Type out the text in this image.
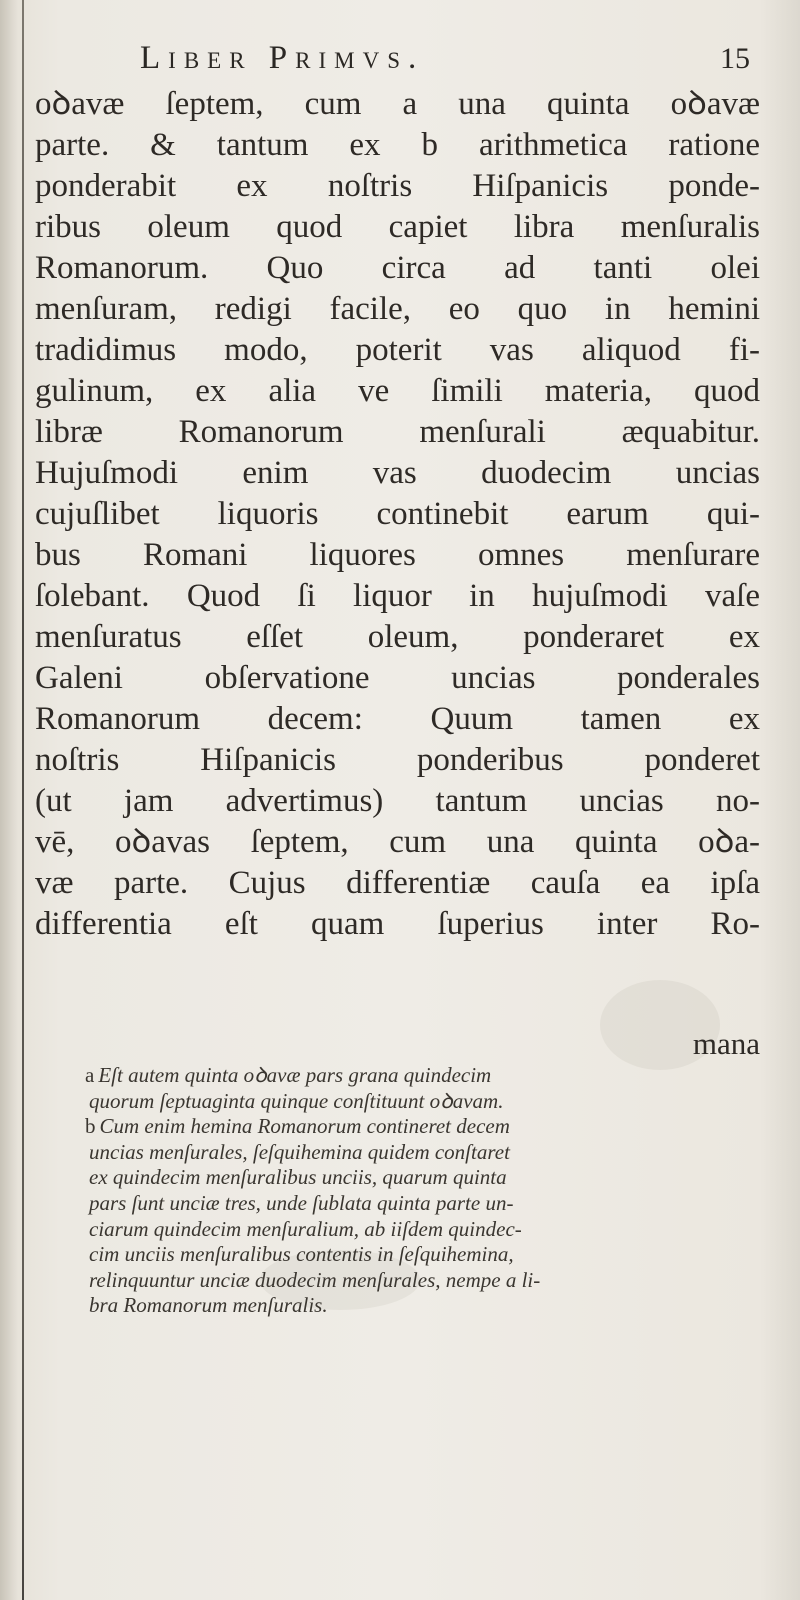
Liber Primvs.	15
oꝺavæ ſeptem, cum a una quinta oꝺavæ
parte. & tantum ex b arithmetica ratione
ponderabit ex noſtris Hiſpanicis ponde-
ribus oleum quod capiet libra menſuralis
Romanorum. Quo circa ad tanti olei
menſuram, redigi facile, eo quo in hemini
tradidimus modo, poterit vas aliquod fi-
gulinum, ex alia ve ſimili materia, quod
libræ Romanorum menſurali æquabitur.
Hujuſmodi enim vas duodecim uncias
cujuſlibet liquoris continebit earum qui-
bus Romani liquores omnes menſurare
ſolebant. Quod ſi liquor in hujuſmodi vaſe
menſuratus eſſet oleum, ponderaret ex
Galeni obſervatione uncias ponderales
Romanorum decem: Quum tamen ex
noſtris Hiſpanicis ponderibus ponderet
(ut jam advertimus) tantum uncias no-
vē, oꝺavas ſeptem, cum una quinta oꝺa-
væ parte. Cujus differentiæ cauſa ea ipſa
differentia eſt quam ſuperius inter Ro-
mana
a Eſt autem quinta oꝺavæ pars grana quindecim
quorum ſeptuaginta quinque conſtituunt oꝺavam.
b Cum enim hemina Romanorum contineret decem
uncias menſurales, ſeſquihemina quidem conſtaret
ex quindecim menſuralibus unciis, quarum quinta
pars ſunt unciæ tres, unde ſublata quinta parte un-
ciarum quindecim menſuralium, ab iiſdem quindec-
cim unciis menſuralibus contentis in ſeſquihemina,
relinquuntur unciæ duodecim menſurales, nempe a li-
bra Romanorum menſuralis.
